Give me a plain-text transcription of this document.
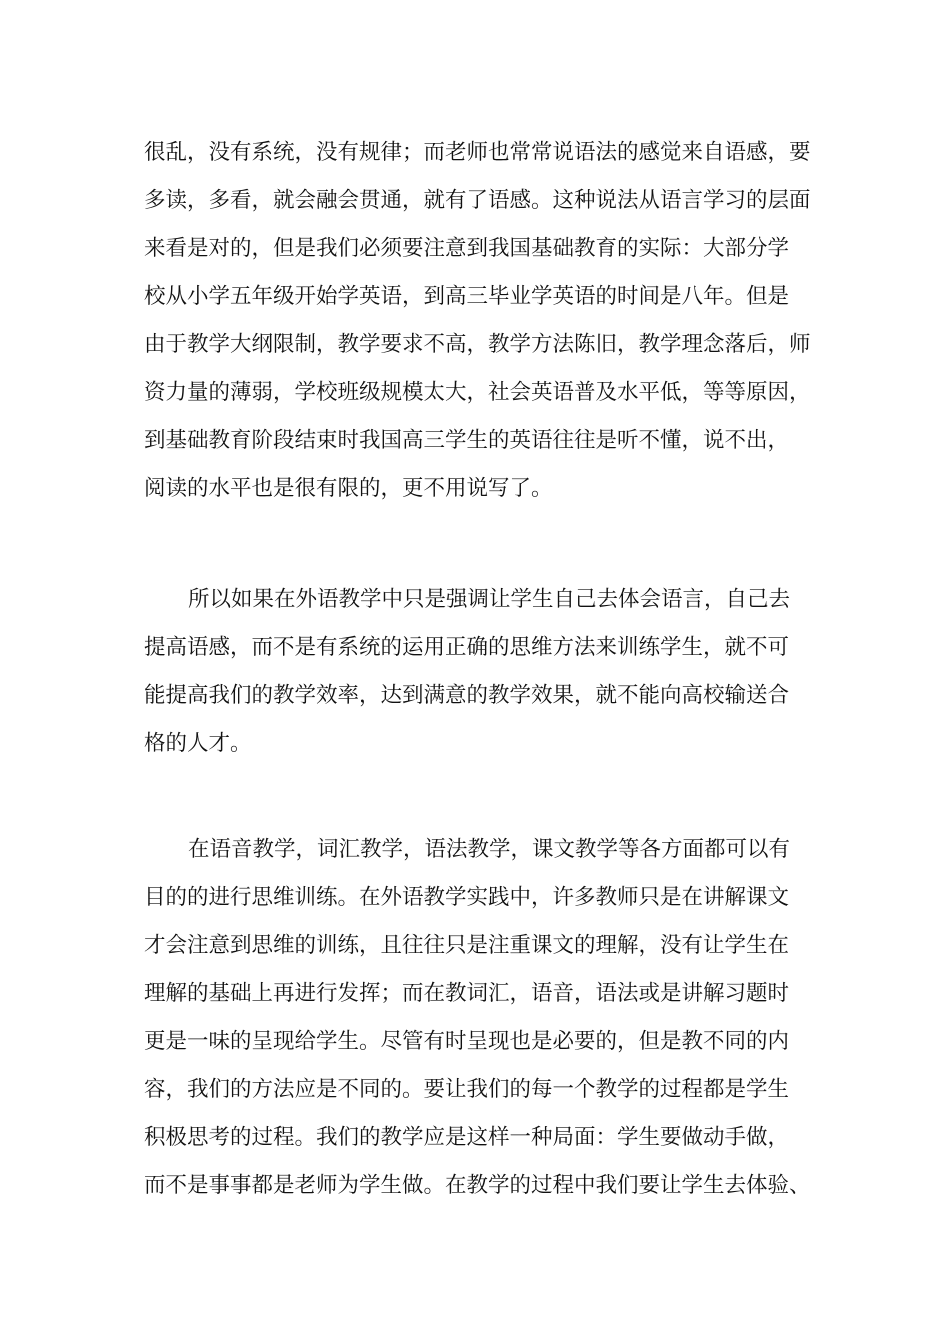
很乱，没有系统，没有规律；而老师也常常说语法的感觉来自语感，要
多读，多看，就会融会贯通，就有了语感。这种说法从语言学习的层面
来看是对的，但是我们必须要注意到我国基础教育的实际：大部分学
校从小学五年级开始学英语，到高三毕业学英语的时间是八年。但是
由于教学大纲限制，教学要求不高，教学方法陈旧，教学理念落后，师
资力量的薄弱，学校班级规模太大，社会英语普及水平低，等等原因，
到基础教育阶段结束时我国高三学生的英语往往是听不懂，说不出，
阅读的水平也是很有限的，更不用说写了。
所以如果在外语教学中只是强调让学生自己去体会语言，自己去
提高语感，而不是有系统的运用正确的思维方法来训练学生，就不可
能提高我们的教学效率，达到满意的教学效果，就不能向高校输送合
格的人才。
在语音教学，词汇教学，语法教学，课文教学等各方面都可以有
目的的进行思维训练。在外语教学实践中，许多教师只是在讲解课文
才会注意到思维的训练，且往往只是注重课文的理解，没有让学生在
理解的基础上再进行发挥；而在教词汇，语音，语法或是讲解习题时
更是一味的呈现给学生。尽管有时呈现也是必要的，但是教不同的内
容，我们的方法应是不同的。要让我们的每一个教学的过程都是学生
积极思考的过程。我们的教学应是这样一种局面：学生要做动手做，
而不是事事都是老师为学生做。在教学的过程中我们要让学生去体验、
